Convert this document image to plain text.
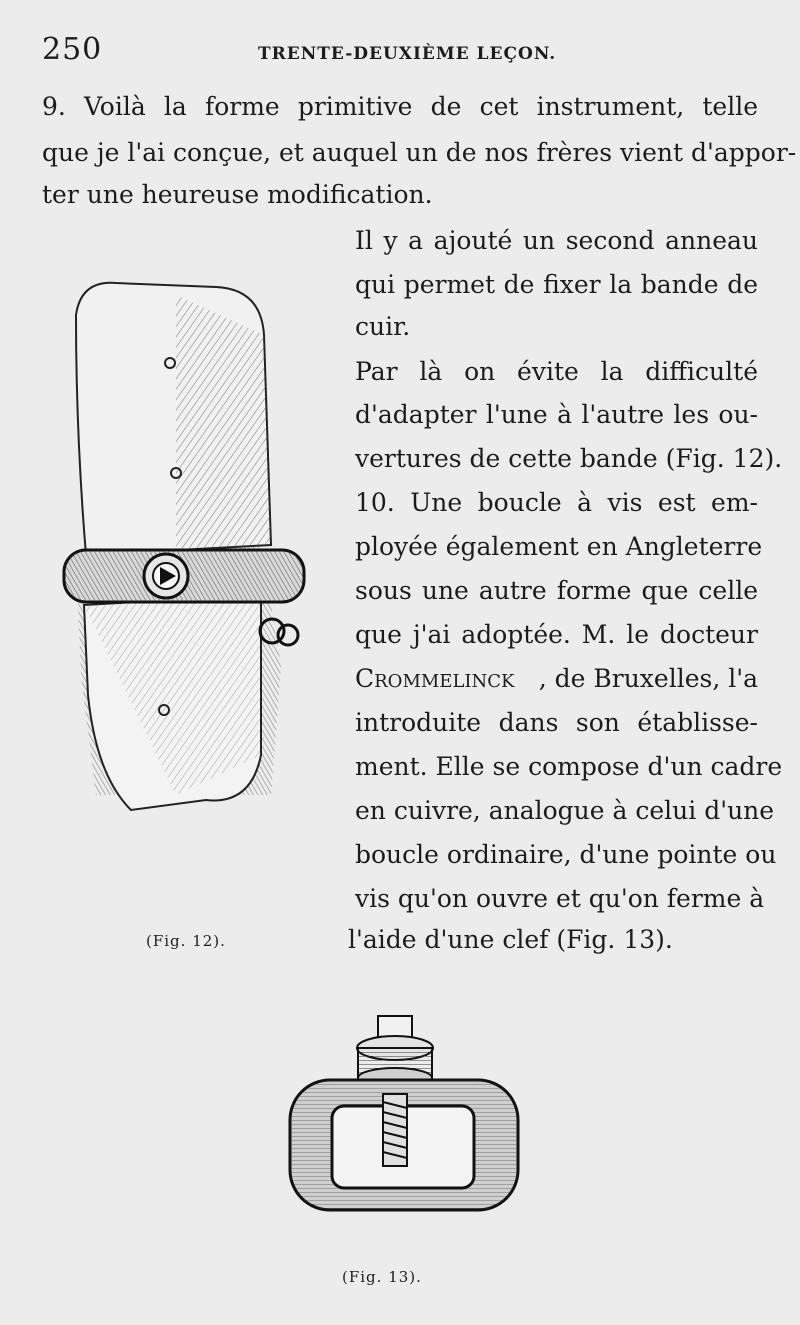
250	TRENTE-DEUXIÈME LEÇON.
9. Voilà la forme primitive de cet instrument, telle
que je l'ai conçue, et auquel un de nos frères vient d'appor-
ter une heureuse modification.
Il y a ajouté un second anneau
qui permet de fixer la bande de
cuir.
Par là on évite la difficulté
d'adapter l'une à l'autre les ou-
vertures de cette bande (Fig. 12).
10. Une boucle à vis est em-
ployée également en Angleterre
sous une autre forme que celle
que j'ai adoptée. M. le docteur
Crommelinck , de Bruxelles, l'a
introduite dans son établisse-
ment. Elle se compose d'un cadre
en cuivre, analogue à celui d'une
boucle ordinaire, d'une pointe ou
vis qu'on ouvre et qu'on ferme à
l'aide d'une clef (Fig. 13).
(Fig. 12).
(Fig. 13).
